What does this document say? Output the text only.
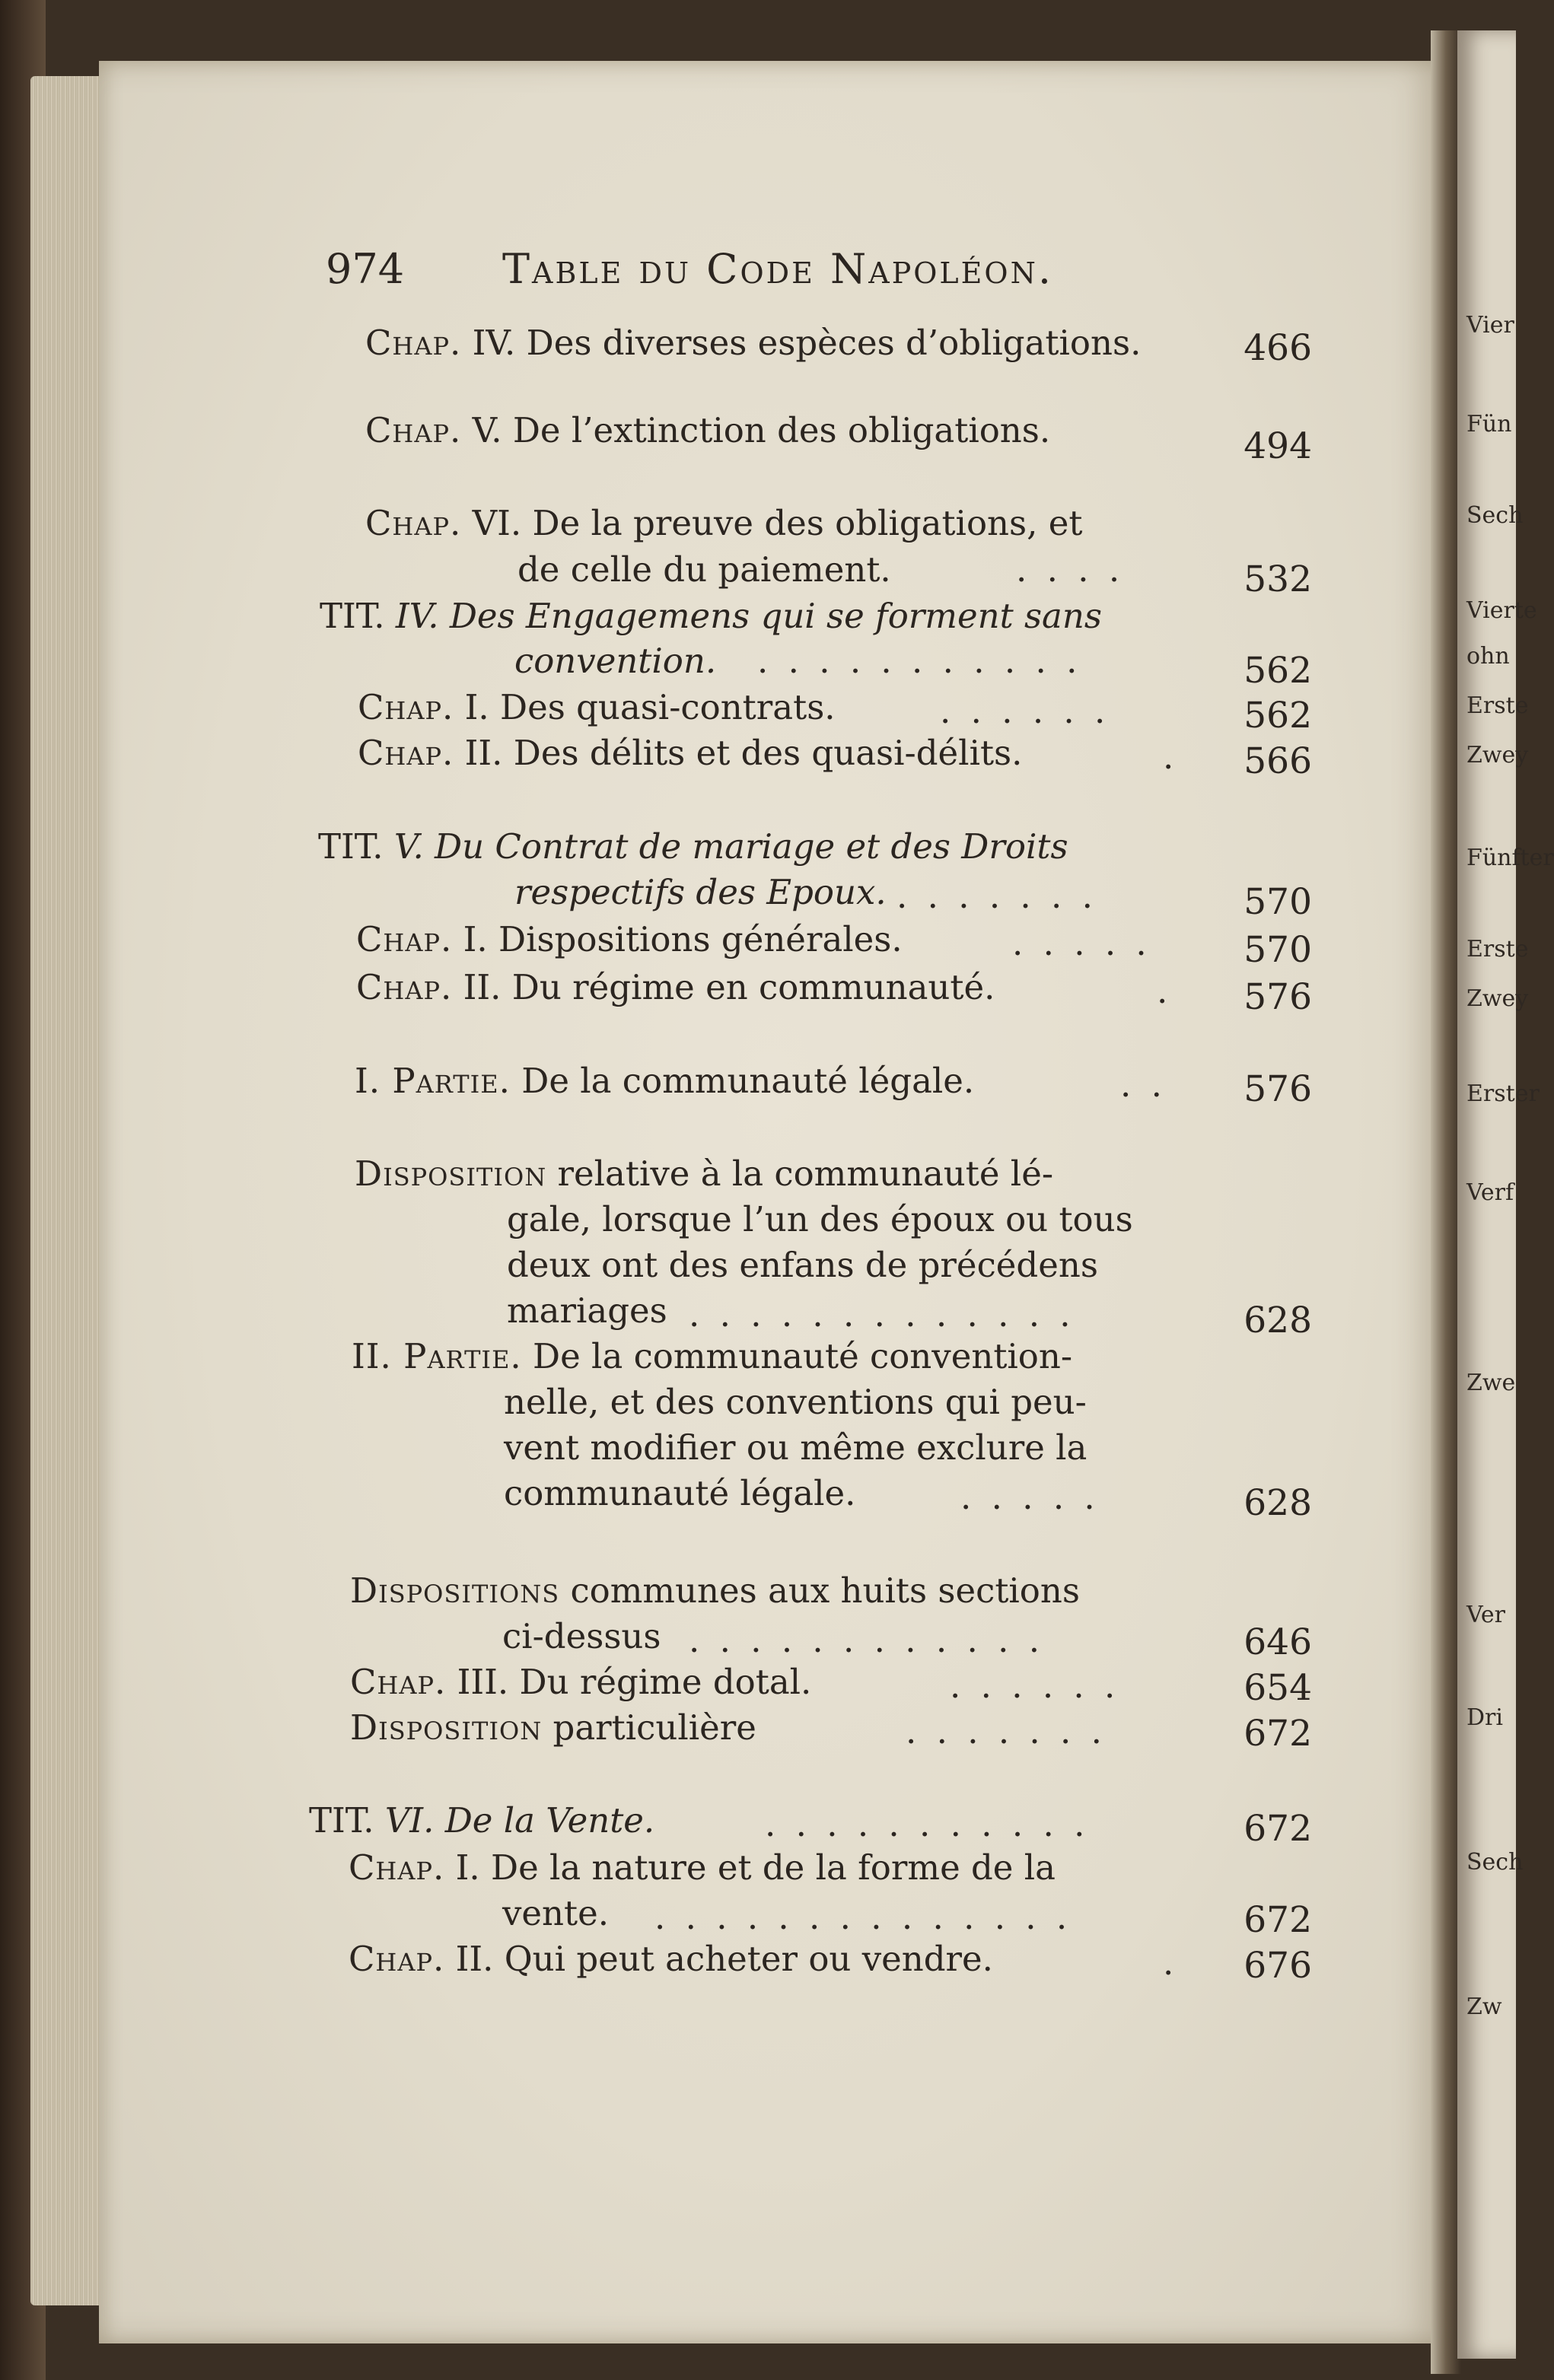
Vier
Fün
Sech
Vierte
ohn
Erste
Zwey
Fünfter
Erste
Zwey
Erster
Verf
Zwe
Ver
Dri
Sech
Zw
974 Table du Code Napoléon.
Chap. IV. Des diverses espèces d’obligations.	466
Chap. V. De l’extinction des obligations.	494
Chap. VI. De la preuve des obligations, et
de celle du paiement.	. . . .	532
TIT. IV. Des Engagemens qui se forment sans
convention. . . . . . . . . . . .	562
Chap. I. Des quasi-contrats.	. . . . . .	562
Chap. II. Des délits et des quasi-délits.	. 566
TIT. V. Du Contrat de mariage et des Droits
respectifs des Epoux. . . . . . . .	570
Chap. I. Dispositions générales.	. . . . .	570
Chap. II. Du régime en communauté.	. 576
I. Partie. De la communauté légale.	. . 576
Disposition relative à la communauté lé-
gale, lorsque l’un des époux ou tous
deux ont des enfans de précédens
mariages . . . . . . . . . . . . .	628
II. Partie. De la communauté convention-
nelle, et des conventions qui peu-
vent modifier ou même exclure la
communauté légale.	. . . . .	628
Dispositions communes aux huits sections
ci-dessus . . . . . . . . . . . .	646
Chap. III. Du régime dotal.	. . . . . .	654
Disposition particulière	. . . . . . .	672
TIT. VI. De la Vente.	. . . . . . . . . . .	672
Chap. I. De la nature et de la forme de la
vente. . . . . . . . . . . . . . .	672
Chap. II. Qui peut acheter ou vendre.	. 676
